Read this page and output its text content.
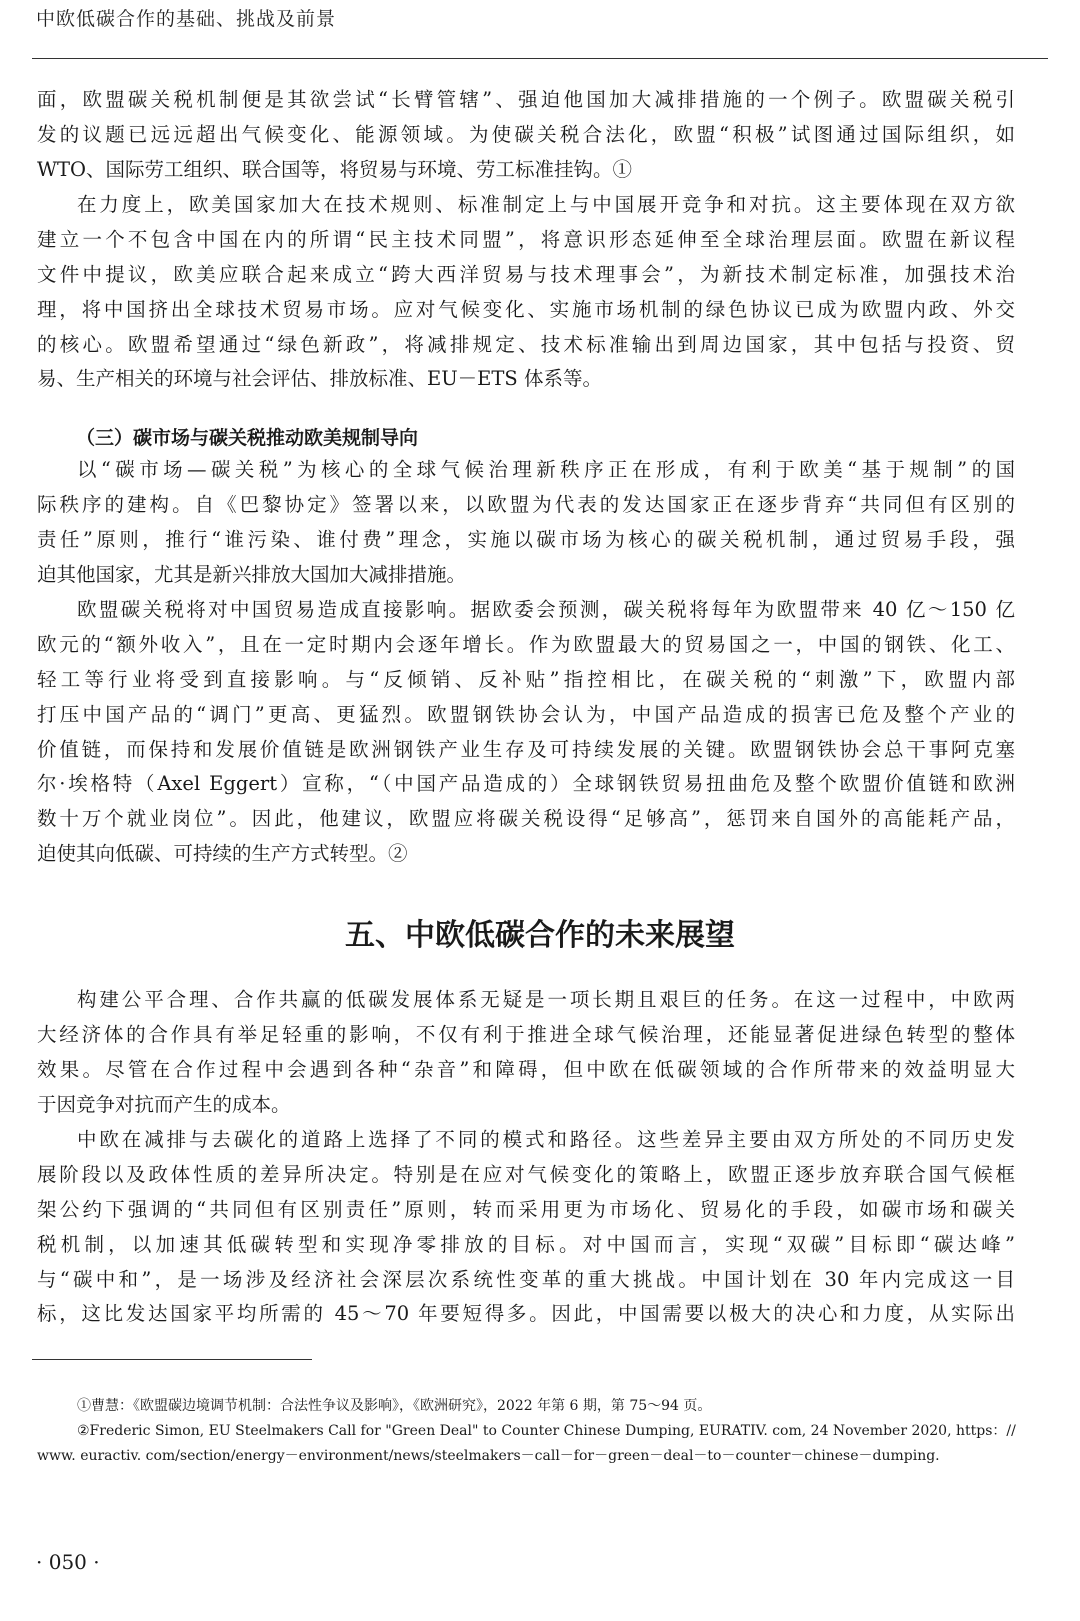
中欧低碳合作的基础、挑战及前景
面，欧盟碳关税机制便是其欲尝试“长臂管辖”、强迫他国加大减排措施的一个例子。欧盟碳关税引
发的议题已远远超出气候变化、能源领域。为使碳关税合法化，欧盟“积极”试图通过国际组织，如
WTO、国际劳工组织、联合国等，将贸易与环境、劳工标准挂钩。①
在力度上，欧美国家加大在技术规则、标准制定上与中国展开竞争和对抗。这主要体现在双方欲
建立一个不包含中国在内的所谓“民主技术同盟”，将意识形态延伸至全球治理层面。欧盟在新议程
文件中提议，欧美应联合起来成立“跨大西洋贸易与技术理事会”，为新技术制定标准，加强技术治
理，将中国挤出全球技术贸易市场。应对气候变化、实施市场机制的绿色协议已成为欧盟内政、外交
的核心。欧盟希望通过“绿色新政”，将减排规定、技术标准输出到周边国家，其中包括与投资、贸
易、生产相关的环境与社会评估、排放标准、EU－ETS 体系等。
（三）碳市场与碳关税推动欧美规制导向
以“碳市场—碳关税”为核心的全球气候治理新秩序正在形成，有利于欧美“基于规制”的国
际秩序的建构。自《巴黎协定》签署以来，以欧盟为代表的发达国家正在逐步背弃“共同但有区别的
责任”原则，推行“谁污染、谁付费”理念，实施以碳市场为核心的碳关税机制，通过贸易手段，强
迫其他国家，尤其是新兴排放大国加大减排措施。
欧盟碳关税将对中国贸易造成直接影响。据欧委会预测，碳关税将每年为欧盟带来 40 亿～150 亿
欧元的“额外收入”，且在一定时期内会逐年增长。作为欧盟最大的贸易国之一，中国的钢铁、化工、
轻工等行业将受到直接影响。与“反倾销、反补贴”指控相比，在碳关税的“刺激”下，欧盟内部
打压中国产品的“调门”更高、更猛烈。欧盟钢铁协会认为，中国产品造成的损害已危及整个产业的
价值链，而保持和发展价值链是欧洲钢铁产业生存及可持续发展的关键。欧盟钢铁协会总干事阿克塞
尔·埃格特（Axel Eggert）宣称，“（中国产品造成的）全球钢铁贸易扭曲危及整个欧盟价值链和欧洲
数十万个就业岗位”。因此，他建议，欧盟应将碳关税设得“足够高”，惩罚来自国外的高能耗产品，
迫使其向低碳、可持续的生产方式转型。②
五、中欧低碳合作的未来展望
构建公平合理、合作共赢的低碳发展体系无疑是一项长期且艰巨的任务。在这一过程中，中欧两
大经济体的合作具有举足轻重的影响，不仅有利于推进全球气候治理，还能显著促进绿色转型的整体
效果。尽管在合作过程中会遇到各种“杂音”和障碍，但中欧在低碳领域的合作所带来的效益明显大
于因竞争对抗而产生的成本。
中欧在减排与去碳化的道路上选择了不同的模式和路径。这些差异主要由双方所处的不同历史发
展阶段以及政体性质的差异所决定。特别是在应对气候变化的策略上，欧盟正逐步放弃联合国气候框
架公约下强调的“共同但有区别责任”原则，转而采用更为市场化、贸易化的手段，如碳市场和碳关
税机制，以加速其低碳转型和实现净零排放的目标。对中国而言，实现“双碳”目标即“碳达峰”
与“碳中和”，是一场涉及经济社会深层次系统性变革的重大挑战。中国计划在 30 年内完成这一目
标，这比发达国家平均所需的 45～70 年要短得多。因此，中国需要以极大的决心和力度，从实际出
①曹慧：《欧盟碳边境调节机制：合法性争议及影响》，《欧洲研究》，2022 年第 6 期，第 75～94 页。
②Frederic Simon, EU Steelmakers Call for "Green Deal" to Counter Chinese Dumping, EURATIV. com, 24 November 2020, https：//
www. euractiv. com/section/energy－environment/news/steelmakers－call－for－green－deal－to－counter－chinese－dumping.
· 050 ·
